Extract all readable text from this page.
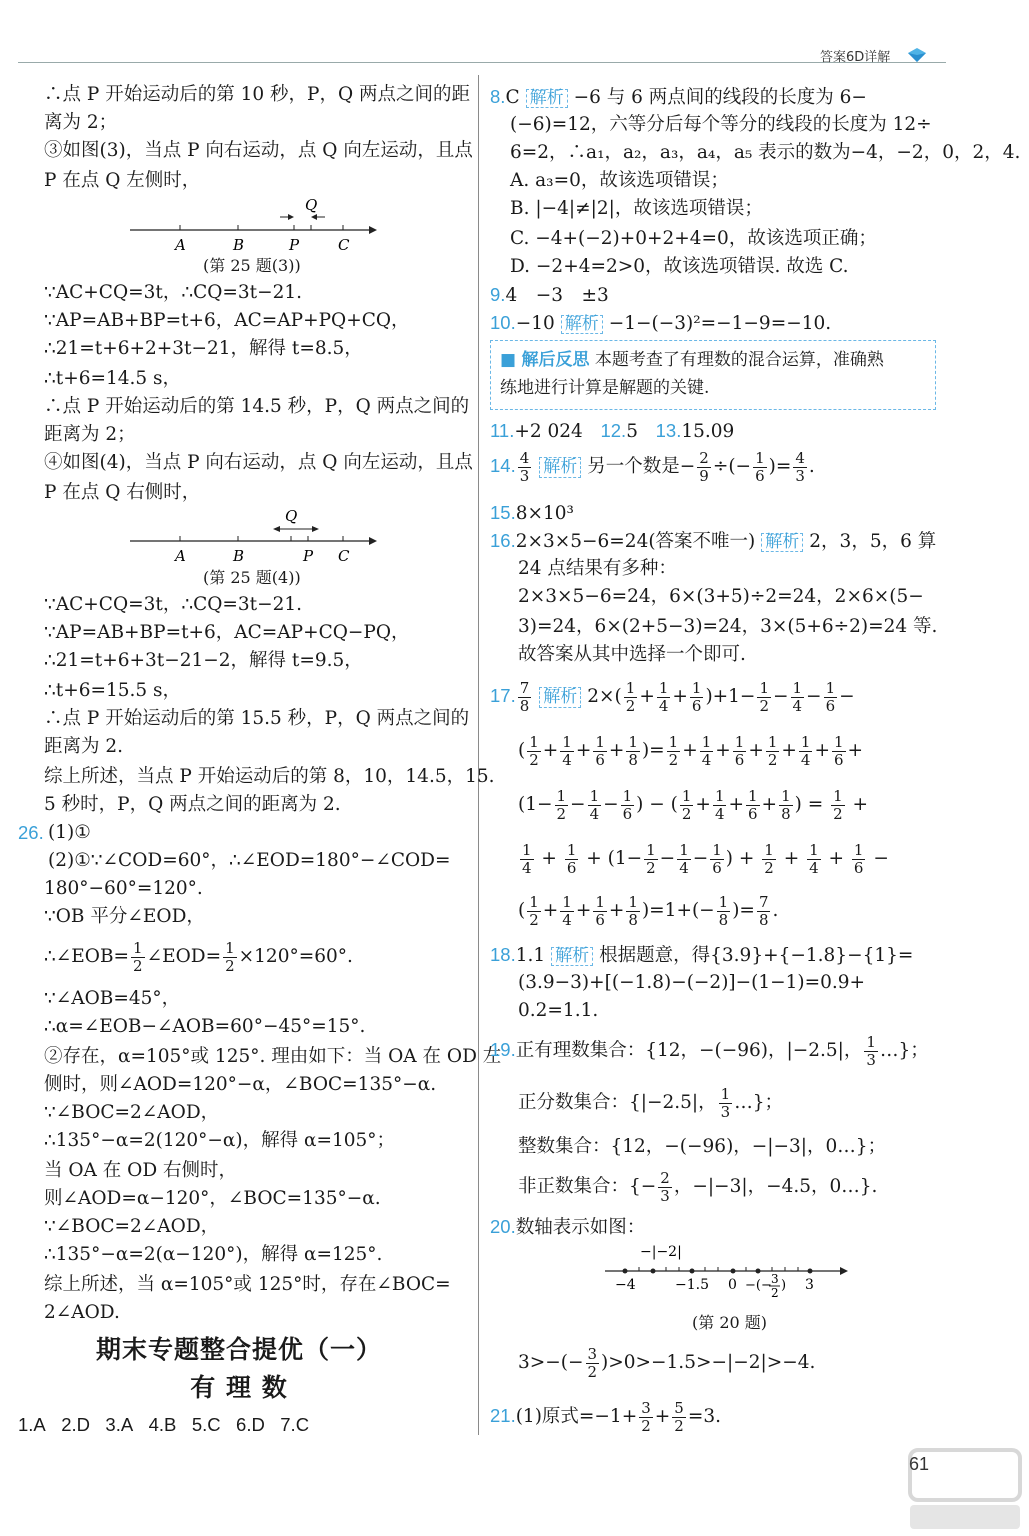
答案6D详解
∴点 P 开始运动后的第 10 秒，P，Q 两点之间的距
离为 2；
③如图(3)，当点 P 向右运动，点 Q 向左运动，且点
P 在点 Q 左侧时，
A	B	P	C
Q
(第 25 题(3))
∵AC+CQ=3t，∴CQ=3t−21.
∵AP=AB+BP=t+6，AC=AP+PQ+CQ，
∴21=t+6+2+3t−21，解得 t=8.5，
∴t+6=14.5 s，
∴点 P 开始运动后的第 14.5 秒，P，Q 两点之间的
距离为 2；
④如图(4)，当点 P 向右运动，点 Q 向左运动，且点
P 在点 Q 右侧时，
A	B	P C
Q
(第 25 题(4))
∵AC+CQ=3t，∴CQ=3t−21.
∵AP=AB+BP=t+6，AC=AP+CQ−PQ，
∴21=t+6+3t−21−2，解得 t=9.5，
∴t+6=15.5 s，
∴点 P 开始运动后的第 15.5 秒，P，Q 两点之间的
距离为 2.
综上所述，当点 P 开始运动后的第 8，10，14.5，15.
5 秒时，P，Q 两点之间的距离为 2.
26. (1)①
(2)①∵∠COD=60°，∴∠EOD=180°−∠COD=
180°−60°=120°.
∵OB 平分∠EOD，
∴∠EOB= $\frac{1}{2}$ ∠EOD= $\frac{1}{2} \times 120^\circ=60^\circ$.
∵∠AOB=45°，
∴α=∠EOB−∠AOB=60°−45°=15°.
②存在，α=105°或 125°. 理由如下：当 OA 在 OD 左
侧时，则∠AOD=120°−α，∠BOC=135°−α.
∵∠BOC=2∠AOD，
∴135°−α=2(120°−α)，解得 α=105°；
当 OA 在 OD 右侧时，
则∠AOD=α−120°，∠BOC=135°−α.
∵∠BOC=2∠AOD，
∴135°−α=2(α−120°)，解得 α=125°.
综上所述，当 α=105°或 125°时，存在∠BOC=
2∠AOD.
期末专题整合提优（一）
有 理 数
1.A 2.D 3.A 4.B 5.C 6.D 7.C
8.C 解析 −6 与 6 两点间的线段的长度为 6−
(−6)=12，六等分后每个等分的线段的长度为 12÷
6=2，∴a₁，a₂，a₃，a₄，a₅ 表示的数为−4，−2，0，2，4.
A. a₃=0，故该选项错误；
B. |−4|≠|2|，故该选项错误；
C. −4+(−2)+0+2+4=0，故该选项正确；
D. −2+4=2>0，故该选项错误. 故选 C.
9.4　−3　±3
10.−10 解析 −1−(−3)²=−1−9=−10.
■ 解后反思 本题考查了有理数的混合运算，准确熟
练地进行计算是解题的关键.
11.+2 024 12.5 13.15.09
14. $\frac{4}{3}$ 解析 另一个数是− $\frac{2}{9}$ ÷(− $\frac{1}{6}$ )= $\frac{4}{3}$ .
15.8×10³
16.2×3×5−6=24(答案不唯一) 解析 2，3，5，6 算
24 点结果有多种：
2×3×5−6=24，6×(3+5)÷2=24，2×6×(5−
3)=24，6×(2+5−3)=24，3×(5+6÷2)=24 等.
故答案从其中选择一个即可.
17. $\frac{7}{8}$ 解析 $2\times( \frac{1}{2} + \frac{1}{4} + \frac{1}{6} )+1- \frac{1}{2} - \frac{1}{4} - \frac{1}{6}$ −
( $\frac{1}{2} + \frac{1}{4} + \frac{1}{6} + \frac{1}{8}$ )= $\frac{1}{2} + \frac{1}{4} + \frac{1}{6} + \frac{1}{2} + \frac{1}{4} + \frac{1}{6}$ +
($1- \frac{1}{2} - \frac{1}{4} - \frac{1}{6}$ ) − ( $\frac{1}{2} + \frac{1}{4} + \frac{1}{6} + \frac{1}{8}$ ) = $\frac{1}{2}$ +
$\frac{1}{4} + \frac{1}{6} + (1- \frac{1}{2} - \frac{1}{4} - \frac{1}{6}$ ) + $\frac{1}{2} + \frac{1}{4} + \frac{1}{6}$ −
( $\frac{1}{2} + \frac{1}{4} + \frac{1}{6} + \frac{1}{8} )=1+(- \frac{1}{8}$ )= $\frac{7}{8}$ .
18.1.1 解析 根据题意，得{3.9}+{−1.8}−{1}=
(3.9−3)+[(−1.8)−(−2)]−(1−1)=0.9+
0.2=1.1.
19.正有理数集合：{12，−(−96)，|−2.5|， $\frac{1}{3}$ …}；
正分数集合：{|−2.5|， $\frac{1}{3}$ …}；
整数集合：{12，−(−96)，−|−3|，0…}；
非正数集合：{− $\frac{2}{3}$ ，−|−3|，−4.5，0…}.
20.数轴表示如图：
−|−2|
−4	−1.5 0 −(− 3
2 ) 3
(第 20 题)
$3>-(- \frac{3}{2} )>0>-1.5>-|-2|>-4$.
21.(1)原式$=-1+ \frac{3}{2} + \frac{5}{2} =3$.
61
